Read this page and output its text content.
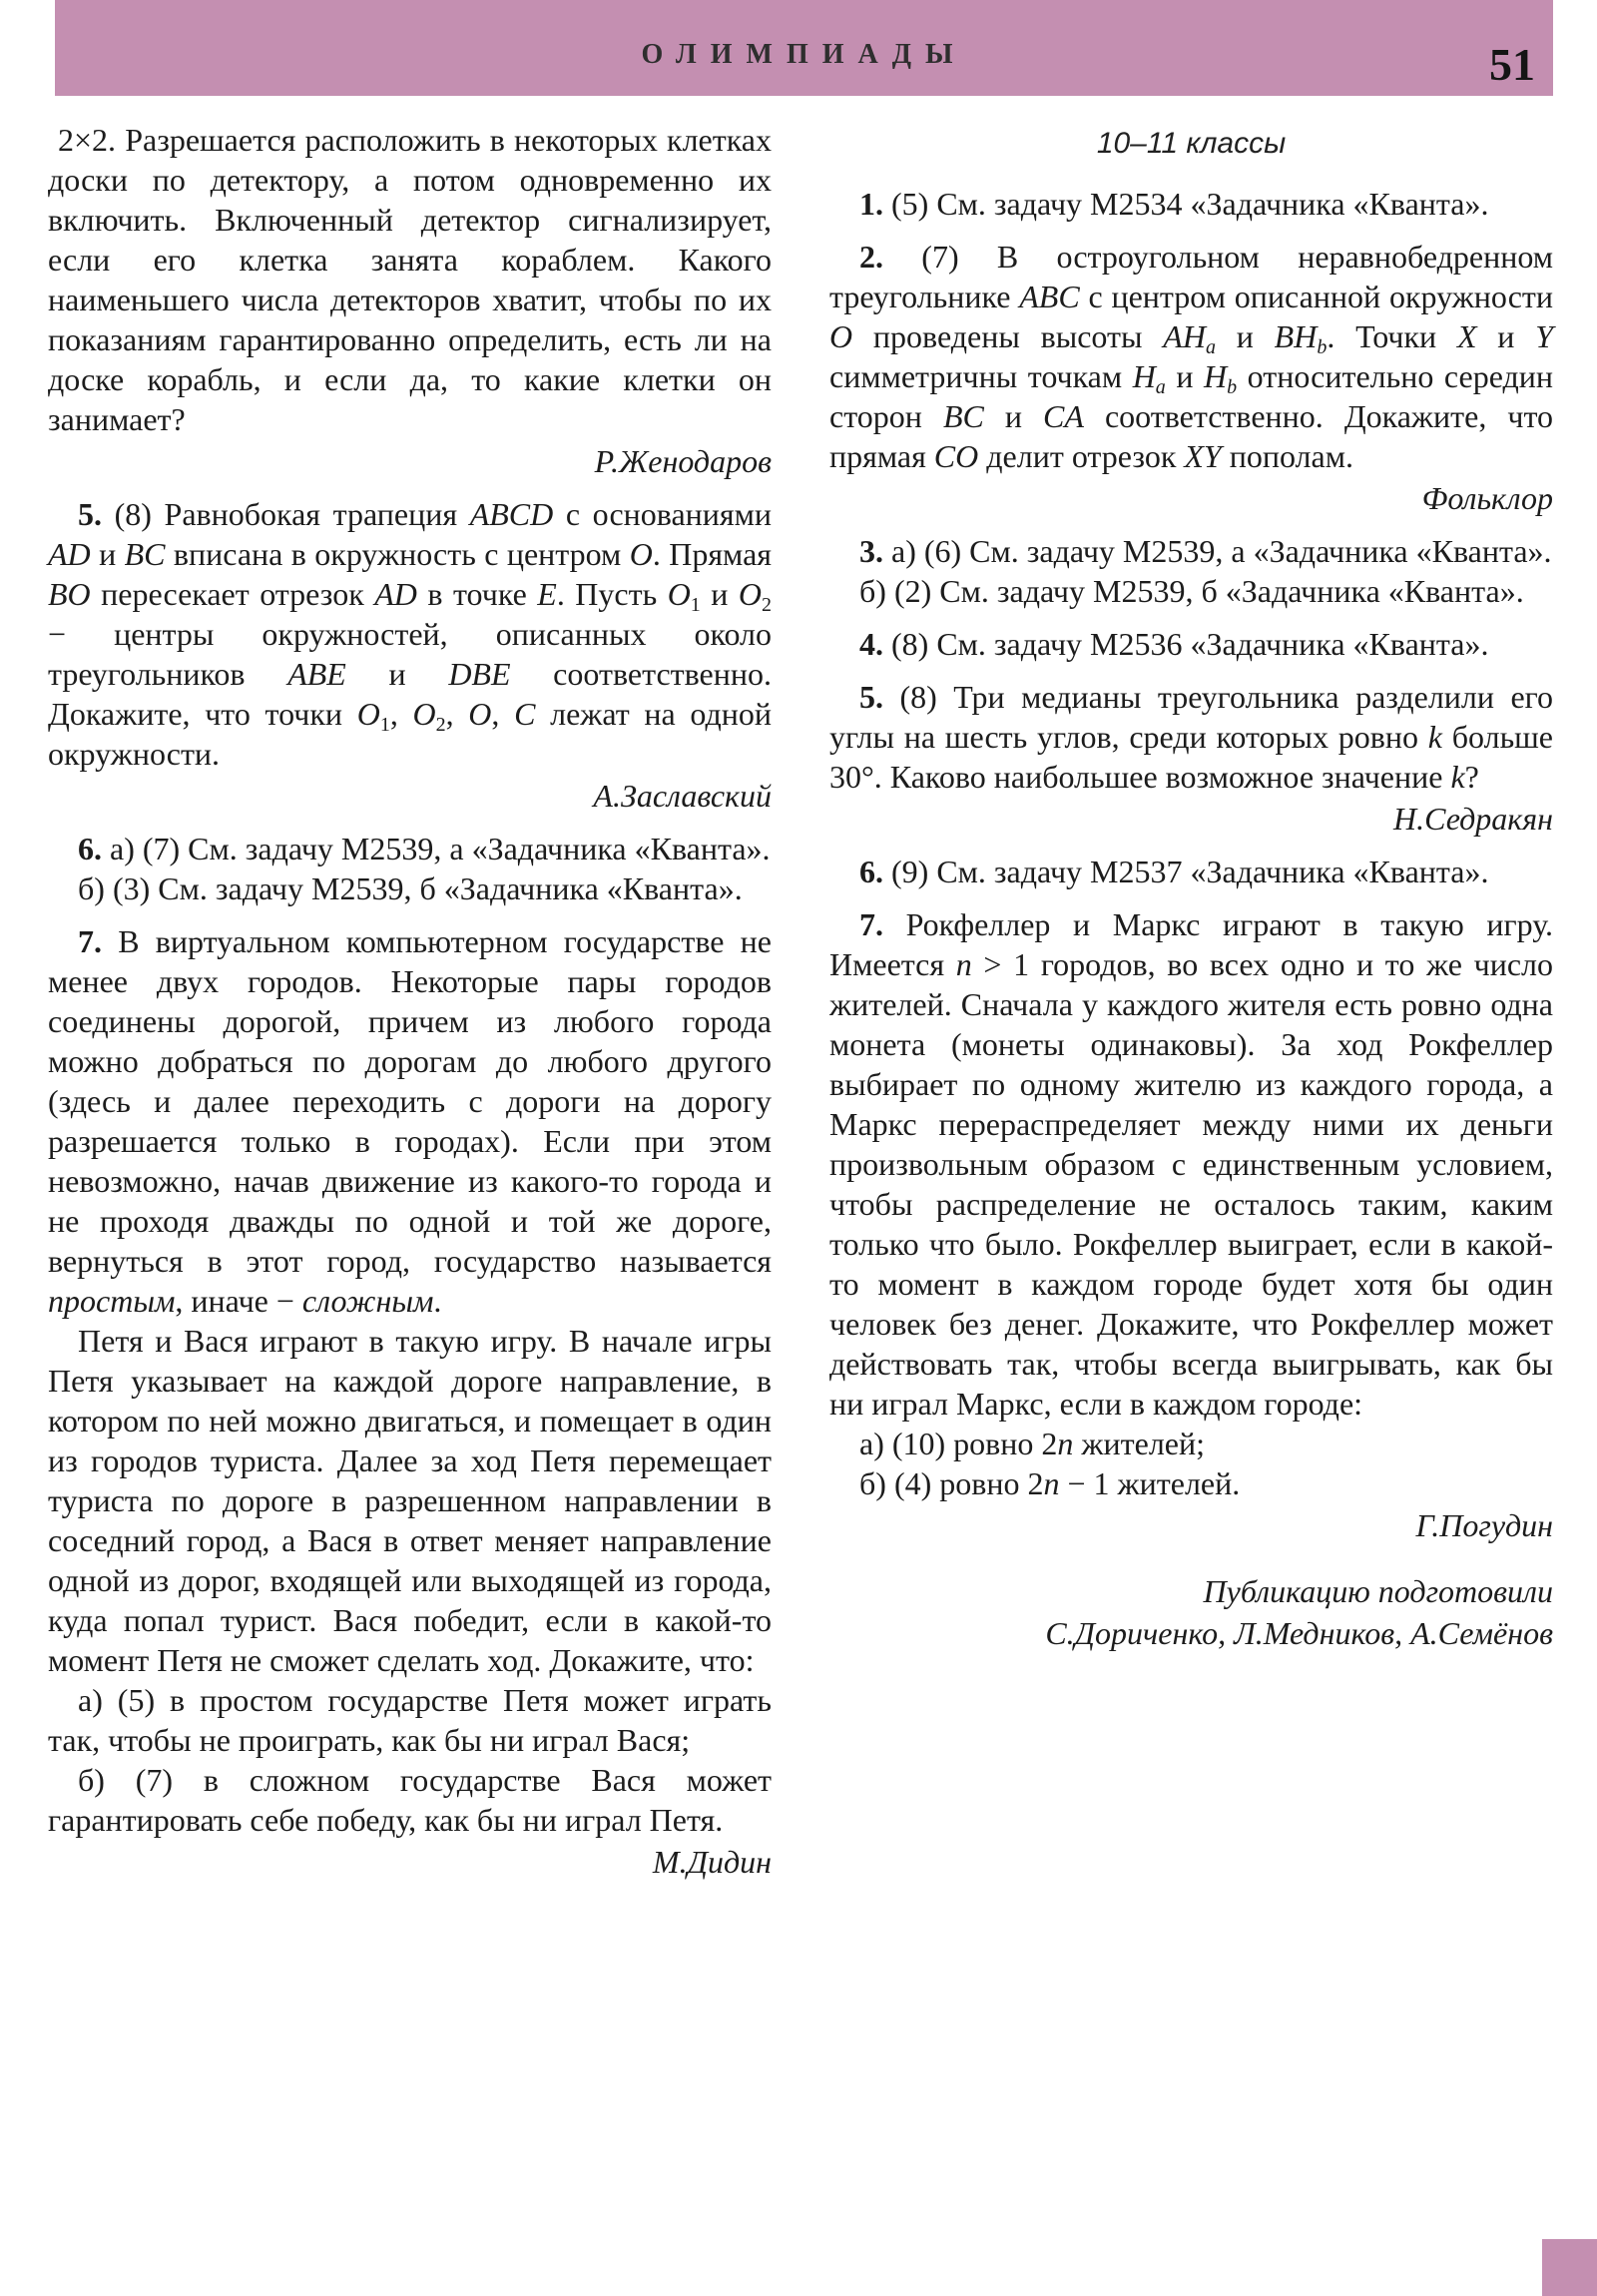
ОЛИМПИАДЫ	51
2×2. Разрешается расположить в некоторых клетках доски по детектору, а потом одновременно их включить. Включенный детектор сигнализирует, если его клетка занята кораблем. Какого наименьшего числа детекторов хватит, чтобы по их показаниям гарантированно определить, есть ли на доске корабль, и если да, то какие клетки он занимает?
Р.Женодаров
5. (8) Равнобокая трапеция ABCD с основаниями AD и BC вписана в окружность с центром O. Прямая BO пересекает отрезок AD в точке E. Пусть $O_1$ и $O_2$ − центры окружностей, описанных около треугольников ABE и DBE соответственно. Докажите, что точки $O_1$, $O_2$, O, C лежат на одной окружности.
А.Заславский
6. а) (7) См. задачу М2539, а «Задачника «Кванта».
б) (3) См. задачу М2539, б «Задачника «Кванта».
7. В виртуальном компьютерном государстве не менее двух городов. Некоторые пары городов соединены дорогой, причем из любого города можно добраться по дорогам до любого другого (здесь и далее переходить с дороги на дорогу разрешается только в городах). Если при этом невозможно, начав движение из какого-то города и не проходя дважды по одной и той же дороге, вернуться в этот город, государство называется простым, иначе − сложным.
Петя и Вася играют в такую игру. В начале игры Петя указывает на каждой дороге направление, в котором по ней можно двигаться, и помещает в один из городов туриста. Далее за ход Петя перемещает туриста по дороге в разрешенном направлении в соседний город, а Вася в ответ меняет направление одной из дорог, входящей или выходящей из города, куда попал турист. Вася победит, если в какой-то момент Петя не сможет сделать ход. Докажите, что:
а) (5) в простом государстве Петя может играть так, чтобы не проиграть, как бы ни играл Вася;
б) (7) в сложном государстве Вася может гарантировать себе победу, как бы ни играл Петя.
М.Дидин
10–11 классы
1. (5) См. задачу М2534 «Задачника «Кванта».
2. (7) В остроугольном неравнобедренном треугольнике ABC с центром описанной окружности O проведены высоты $AH_a$ и $BH_b$. Точки X и Y симметричны точкам $H_a$ и $H_b$ относительно середин сторон BC и CA соответственно. Докажите, что прямая CO делит отрезок XY пополам.
Фольклор
3. а) (6) См. задачу М2539, а «Задачника «Кванта».
б) (2) См. задачу М2539, б «Задачника «Кванта».
4. (8) См. задачу М2536 «Задачника «Кванта».
5. (8) Три медианы треугольника разделили его углы на шесть углов, среди которых ровно k больше 30°. Каково наибольшее возможное значение k?
Н.Седракян
6. (9) См. задачу М2537 «Задачника «Кванта».
7. Рокфеллер и Маркс играют в такую игру. Имеется n > 1 городов, во всех одно и то же число жителей. Сначала у каждого жителя есть ровно одна монета (монеты одинаковы). За ход Рокфеллер выбирает по одному жителю из каждого города, а Маркс перераспределяет между ними их деньги произвольным образом с единственным условием, чтобы распределение не осталось таким, каким только что было. Рокфеллер выиграет, если в какой-то момент в каждом городе будет хотя бы один человек без денег. Докажите, что Рокфеллер может действовать так, чтобы всегда выигрывать, как бы ни играл Маркс, если в каждом городе:
а) (10) ровно 2n жителей;
б) (4) ровно 2n − 1 жителей.
Г.Погудин
Публикацию подготовили
С.Дориченко, Л.Медников, А.Семёнов
